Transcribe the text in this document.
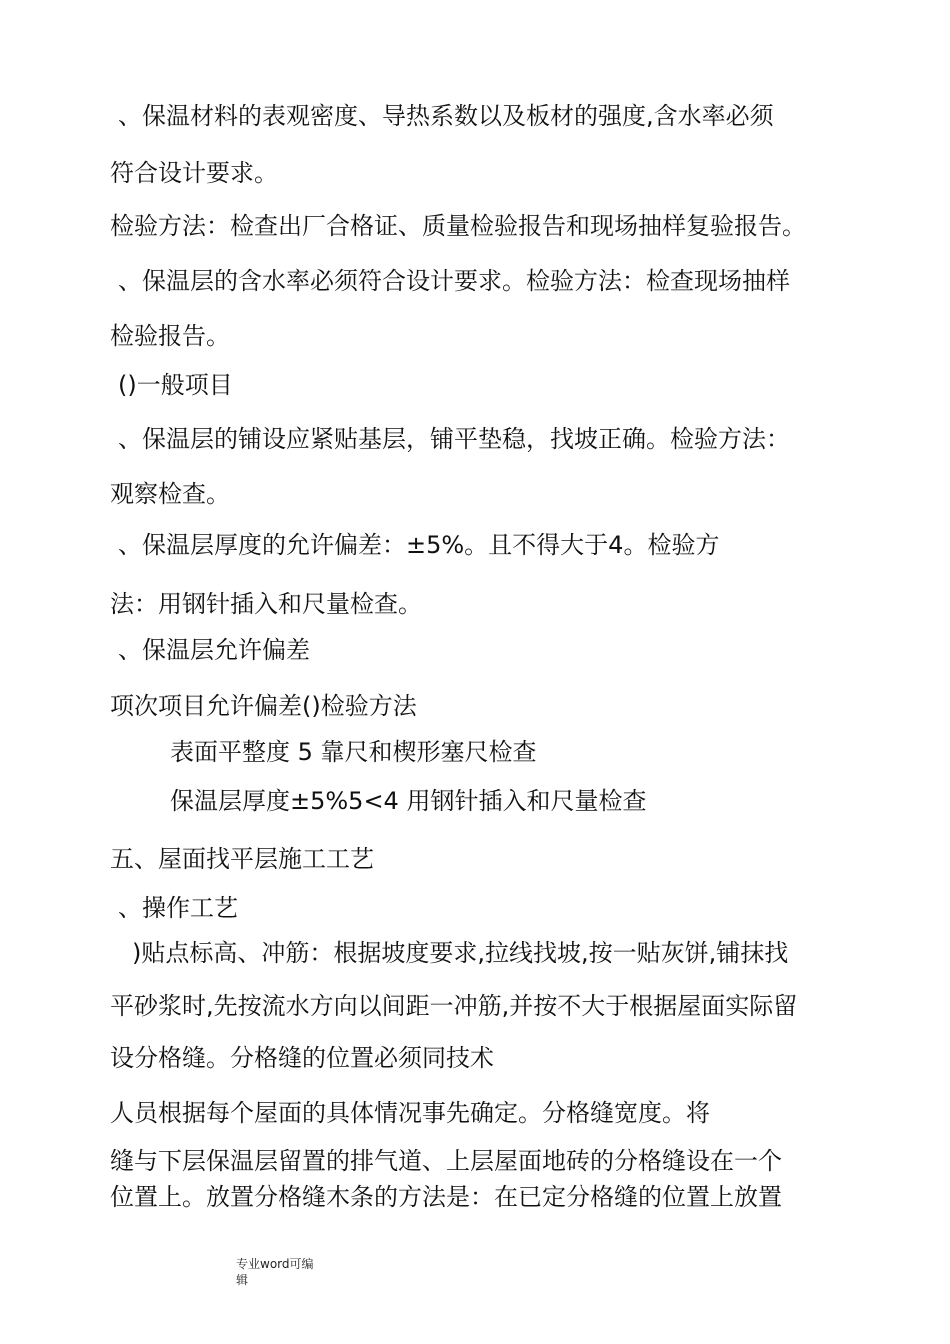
、保温材料的表观密度、导热系数以及板材的强度,含水率必须
符合设计要求。
检验方法：检查出厂合格证、质量检验报告和现场抽样复验报告。
、保温层的含水率必须符合设计要求。检验方法：检查现场抽样
检验报告。
()一般项目
、保温层的铺设应紧贴基层，铺平垫稳，找坡正确。检验方法：
观察检查。
、保温层厚度的允许偏差：±5%。且不得大于4。检验方
法：用钢针插入和尺量检查。
、保温层允许偏差
项次项目允许偏差()检验方法
表面平整度 5 靠尺和楔形塞尺检查
保温层厚度±5%5<4 用钢针插入和尺量检查
五、屋面找平层施工工艺
、操作工艺
)贴点标高、冲筋：根据坡度要求,拉线找坡,按一贴灰饼,铺抹找
平砂浆时,先按流水方向以间距一冲筋,并按不大于根据屋面实际留
设分格缝。分格缝的位置必须同技术
人员根据每个屋面的具体情况事先确定。分格缝宽度。将
缝与下层保温层留置的排气道、上层屋面地砖的分格缝设在一个
位置上。放置分格缝木条的方法是：在已定分格缝的位置上放置
专业word可编
辑
